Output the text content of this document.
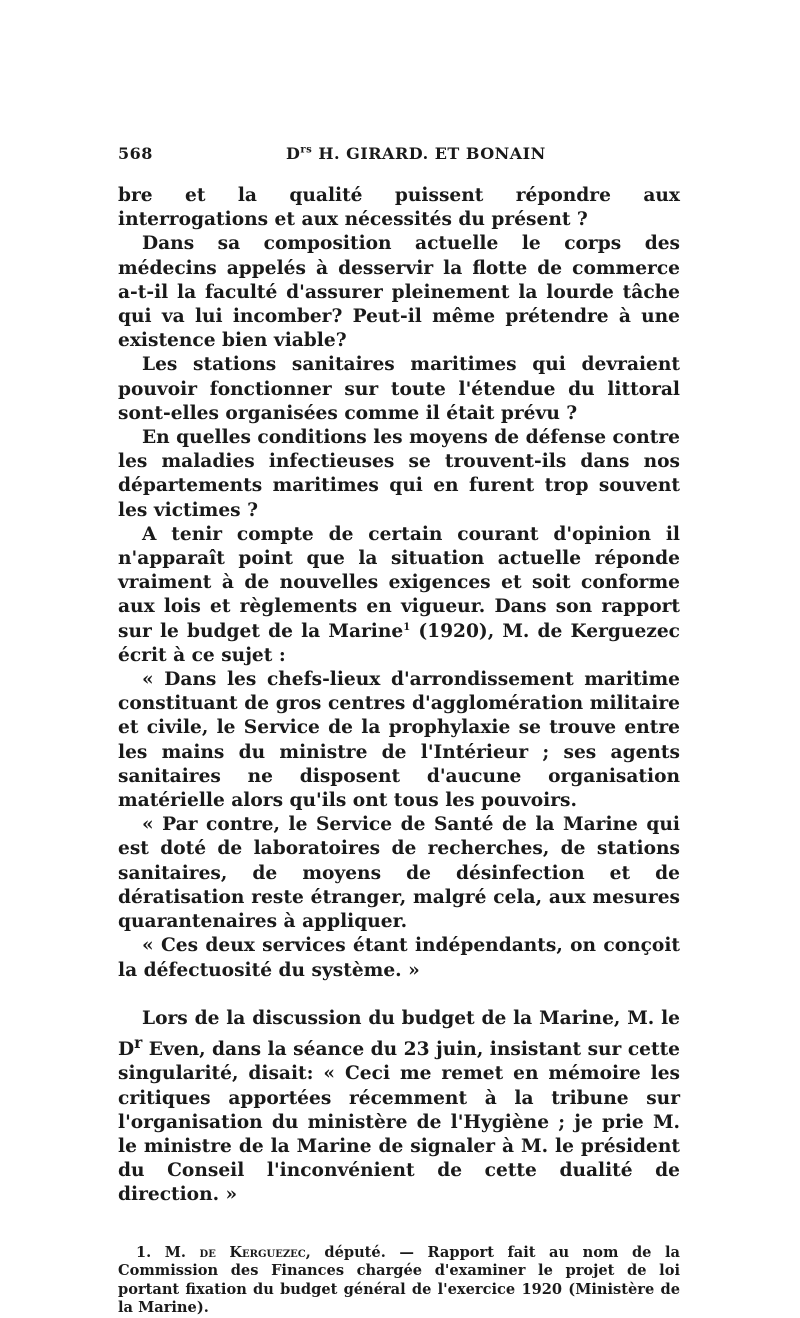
568	$D^{rs}$ H. GIRARD. ET BONAIN

bre et la qualité puissent répondre aux interrogations et aux nécessités du présent ?

Dans sa composition actuelle le corps des médecins appelés à desservir la flotte de commerce a-t-il la faculté d'assurer pleinement la lourde tâche qui va lui incomber? Peut-il même prétendre à une existence bien viable?

Les stations sanitaires maritimes qui devraient pouvoir fonctionner sur toute l'étendue du littoral sont-elles organisées comme il était prévu ?

En quelles conditions les moyens de défense contre les maladies infectieuses se trouvent-ils dans nos départements maritimes qui en furent trop souvent les victimes ?

A tenir compte de certain courant d'opinion il n'apparaît point que la situation actuelle réponde vraiment à de nouvelles exigences et soit conforme aux lois et règlements en vigueur. Dans son rapport sur le budget de la Marine$^1$ (1920), M. de Kerguezec écrit à ce sujet :

« Dans les chefs-lieux d'arrondissement maritime constituant de gros centres d'agglomération militaire et civile, le Service de la prophylaxie se trouve entre les mains du ministre de l'Intérieur ; ses agents sanitaires ne disposent d'aucune organisation matérielle alors qu'ils ont tous les pouvoirs.

« Par contre, le Service de Santé de la Marine qui est doté de laboratoires de recherches, de stations sanitaires, de moyens de désinfection et de dératisation reste étranger, malgré cela, aux mesures quarantenaires à appliquer.

« Ces deux services étant indépendants, on conçoit la défectuosité du système. »

Lors de la discussion du budget de la Marine, M. le $D^r$ Even, dans la séance du 23 juin, insistant sur cette singularité, disait: « Ceci me remet en mémoire les critiques apportées récemment à la tribune sur l'organisation du ministère de l'Hygiène ; je prie M. le ministre de la Marine de signaler à M. le président du Conseil l'inconvénient de cette dualité de direction. »

1. M. de Kerguezec, député. — Rapport fait au nom de la Commission des Finances chargée d'examiner le projet de loi portant fixation du budget général de l'exercice 1920 (Ministère de la Marine).
